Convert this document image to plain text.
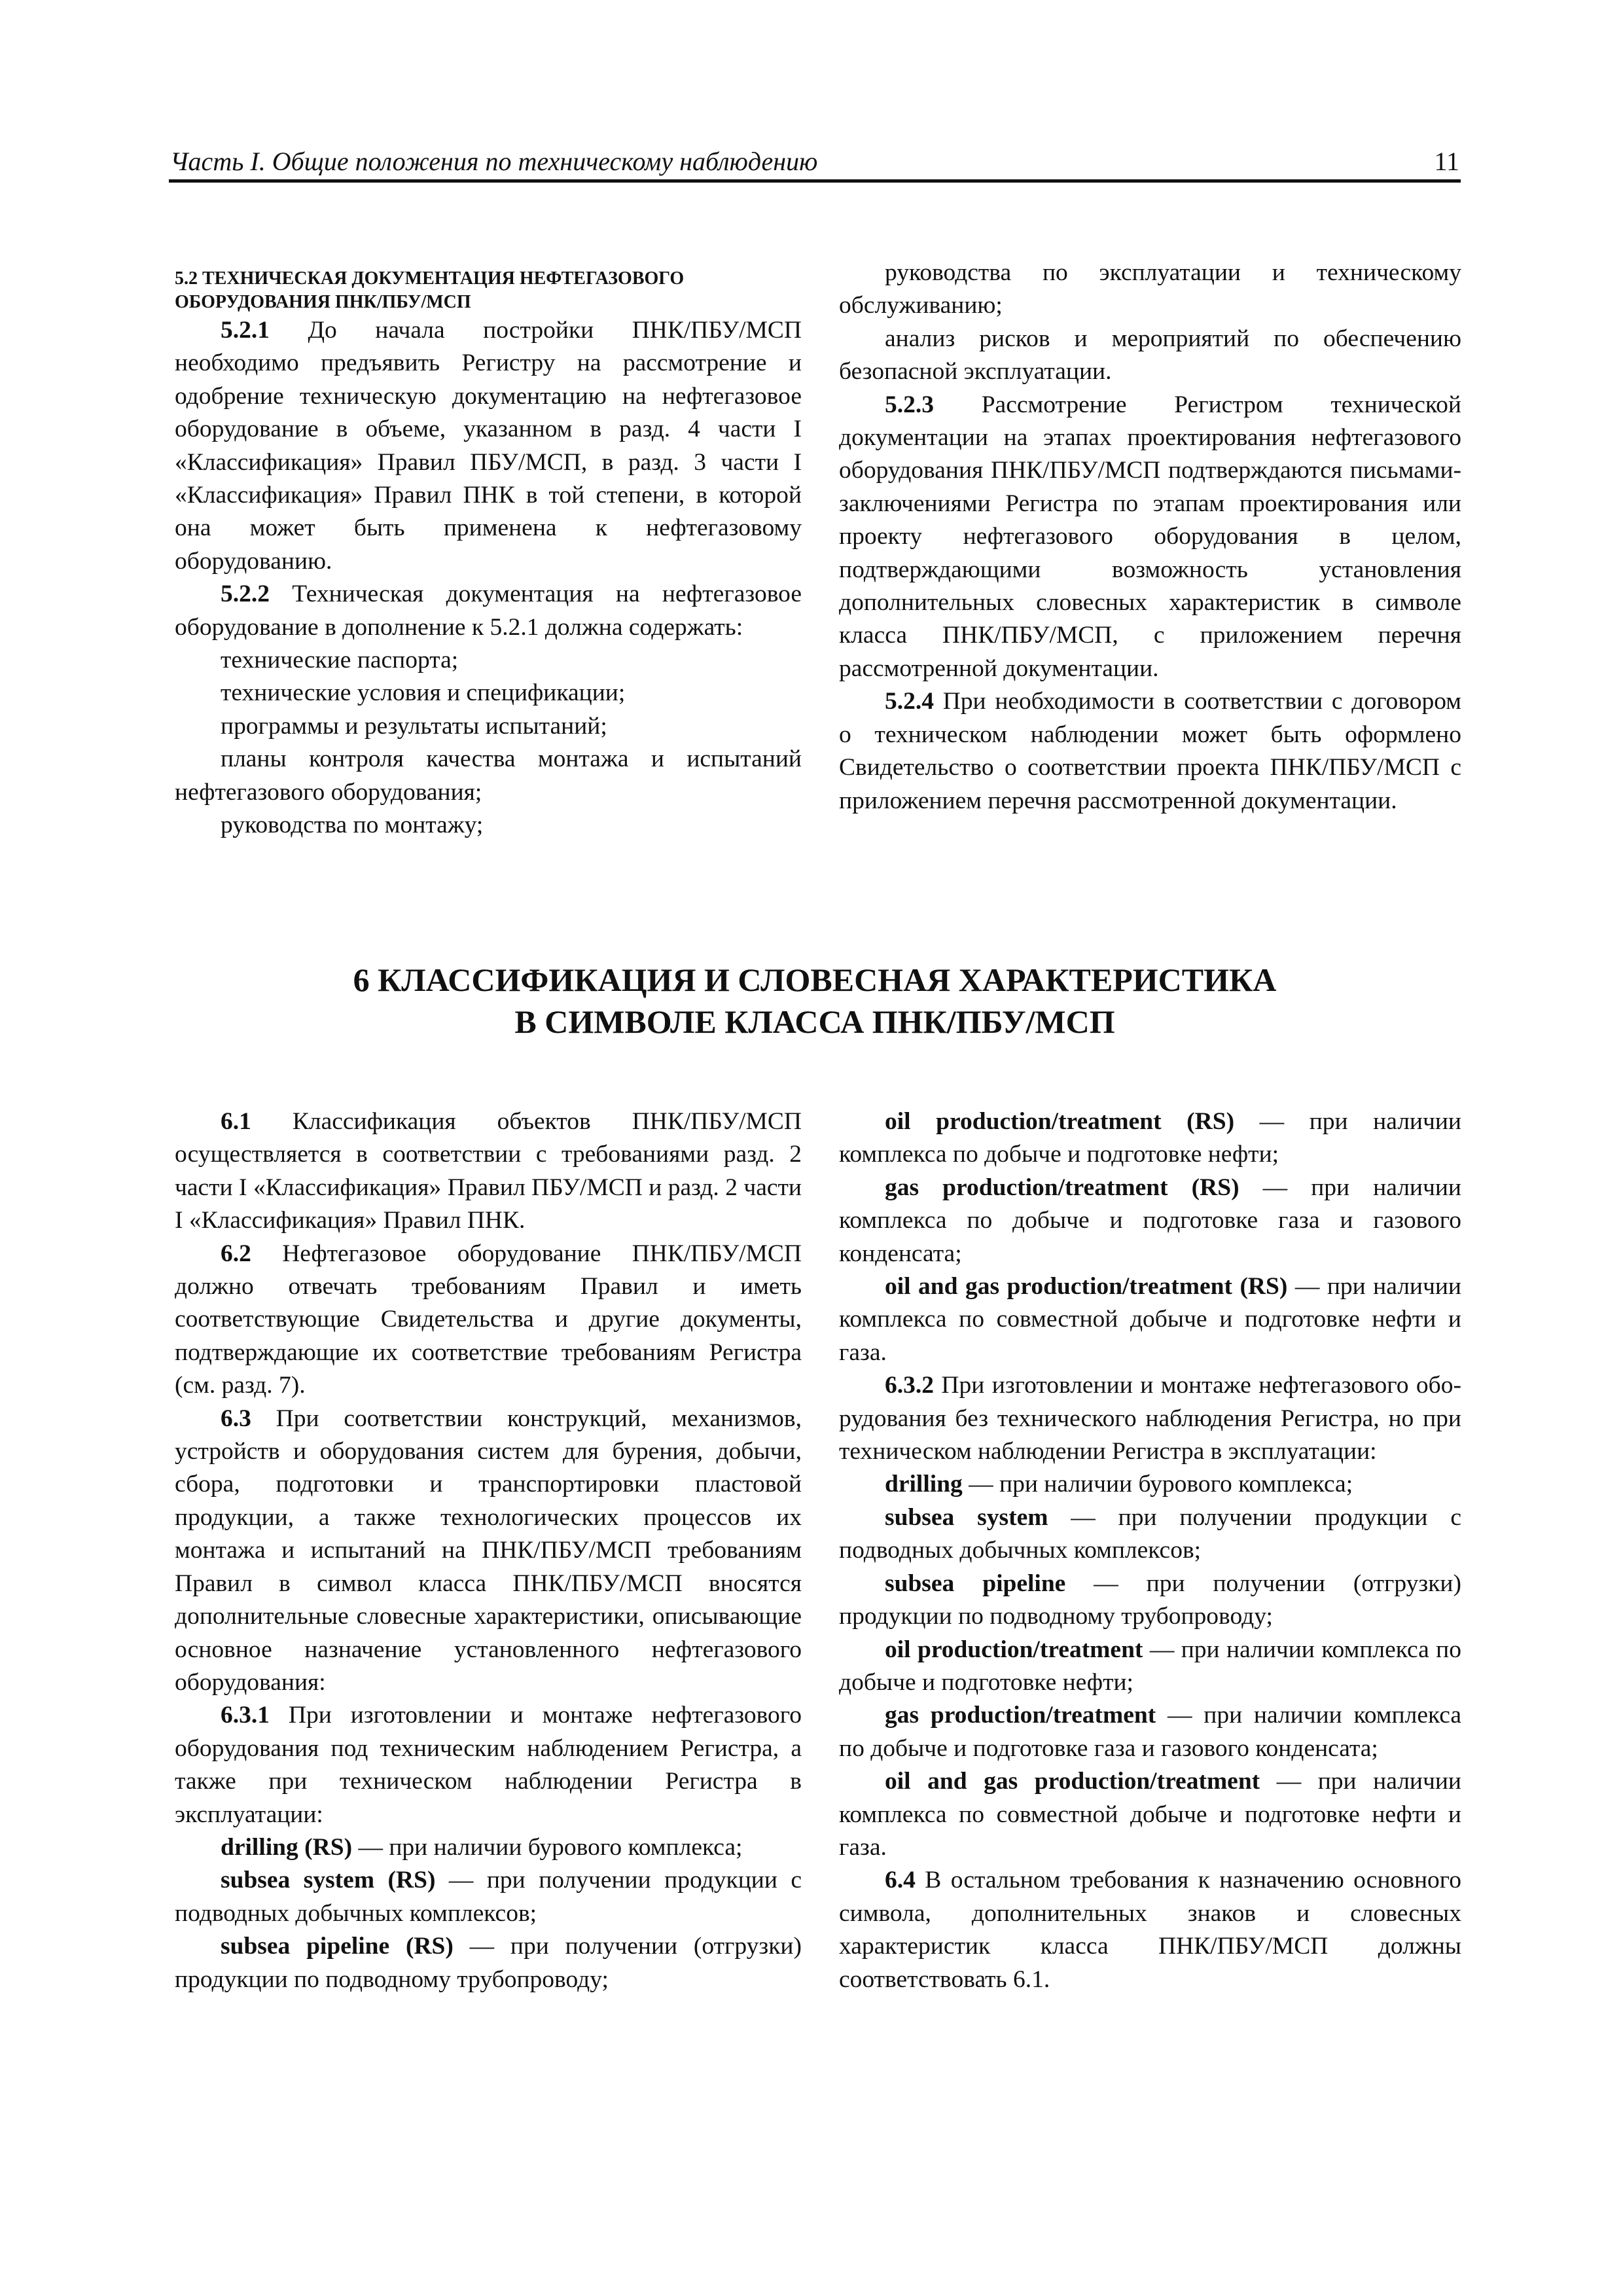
Часть I. Общие положения по техническому наблюдению	11

5.2 ТЕХНИЧЕСКАЯ ДОКУМЕНТАЦИЯ НЕФТЕГАЗОВОГО
ОБОРУДОВАНИЯ ПНК/ПБУ/МСП

5.2.1 До начала постройки ПНК/ПБУ/МСП необходимо предъявить Регистру на рассмотрение и одобрение техническую документацию на нефтегазовое оборудование в объеме, указанном в разд. 4 части I «Классификация» Правил ПБУ/МСП, в разд. 3 части I «Классификация» Правил ПНК в той степени, в которой она может быть применена к нефтегазовому оборудованию.

5.2.2 Техническая документация на нефтегазовое оборудование в дополнение к 5.2.1 должна содержать:

технические паспорта;

технические условия и спецификации;

программы и результаты испытаний;

планы контроля качества монтажа и испытаний нефтегазового оборудования;

руководства по монтажу;

руководства по эксплуатации и техническому обслуживанию;

анализ рисков и мероприятий по обеспечению безопасной эксплуатации.

5.2.3 Рассмотрение Регистром технической документации на этапах проектирования нефтегазового оборудования ПНК/ПБУ/МСП подтверждаются письмами-заключениями Регистра по этапам проектирования или проекту нефтегазового оборудования в целом, подтверждающими возможность установления дополнительных словесных характеристик в символе класса ПНК/ПБУ/МСП, с приложением перечня рассмотренной документации.

5.2.4 При необходимости в соответствии с договором о техническом наблюдении может быть оформлено Свидетельство о соответствии проекта ПНК/ПБУ/МСП с приложением перечня рассмотренной документации.

6 КЛАССИФИКАЦИЯ И СЛОВЕСНАЯ ХАРАКТЕРИСТИКА
В СИМВОЛЕ КЛАССА ПНК/ПБУ/МСП

6.1 Классификация объектов ПНК/ПБУ/МСП осуществляется в соответствии с требованиями разд. 2 части I «Классификация» Правил ПБУ/МСП и разд. 2 части I «Классификация» Правил ПНК.

6.2 Нефтегазовое оборудование ПНК/ПБУ/МСП должно отвечать требованиям Правил и иметь соответствующие Свидетельства и другие документы, подтверждающие их соответствие требованиям Регистра (см. разд. 7).

6.3 При соответствии конструкций, механизмов, устройств и оборудования систем для бурения, добычи, сбора, подготовки и транспортировки пластовой продукции, а также технологических процессов их монтажа и испытаний на ПНК/ПБУ/МСП требованиям Правил в символ класса ПНК/ПБУ/МСП вносятся дополнительные словесные характеристики, описывающие основное назначение установленного нефтегазового оборудования:

6.3.1 При изготовлении и монтаже нефтегазового оборудования под техническим наблюдением Регистра, а также при техническом наблюдении Регистра в эксплуатации:

drilling (RS) — при наличии бурового комплекса;

subsea system (RS) — при получении продукции с подводных добычных комплексов;

subsea pipeline (RS) — при получении (отгрузки) продукции по подводному трубопроводу;

oil production/treatment (RS) — при наличии комплекса по добыче и подготовке нефти;

gas production/treatment (RS) — при наличии комплекса по добыче и подготовке газа и газового конденсата;

oil and gas production/treatment (RS) — при наличии комплекса по совместной добыче и подготовке нефти и газа.

6.3.2 При изготовлении и монтаже нефтегазового обо-рудования без технического наблюдения Регистра, но при техническом наблюдении Регистра в эксплуатации:

drilling — при наличии бурового комплекса;

subsea system — при получении продукции с подводных добычных комплексов;

subsea pipeline — при получении (отгрузки) продукции по подводному трубопроводу;

oil production/treatment — при наличии комплекса по добыче и подготовке нефти;

gas production/treatment — при наличии комплекса по добыче и подготовке газа и газового конденсата;

oil and gas production/treatment — при наличии комплекса по совместной добыче и подготовке нефти и газа.

6.4 В остальном требования к назначению основного символа, дополнительных знаков и словесных характеристик класса ПНК/ПБУ/МСП должны соответствовать 6.1.
